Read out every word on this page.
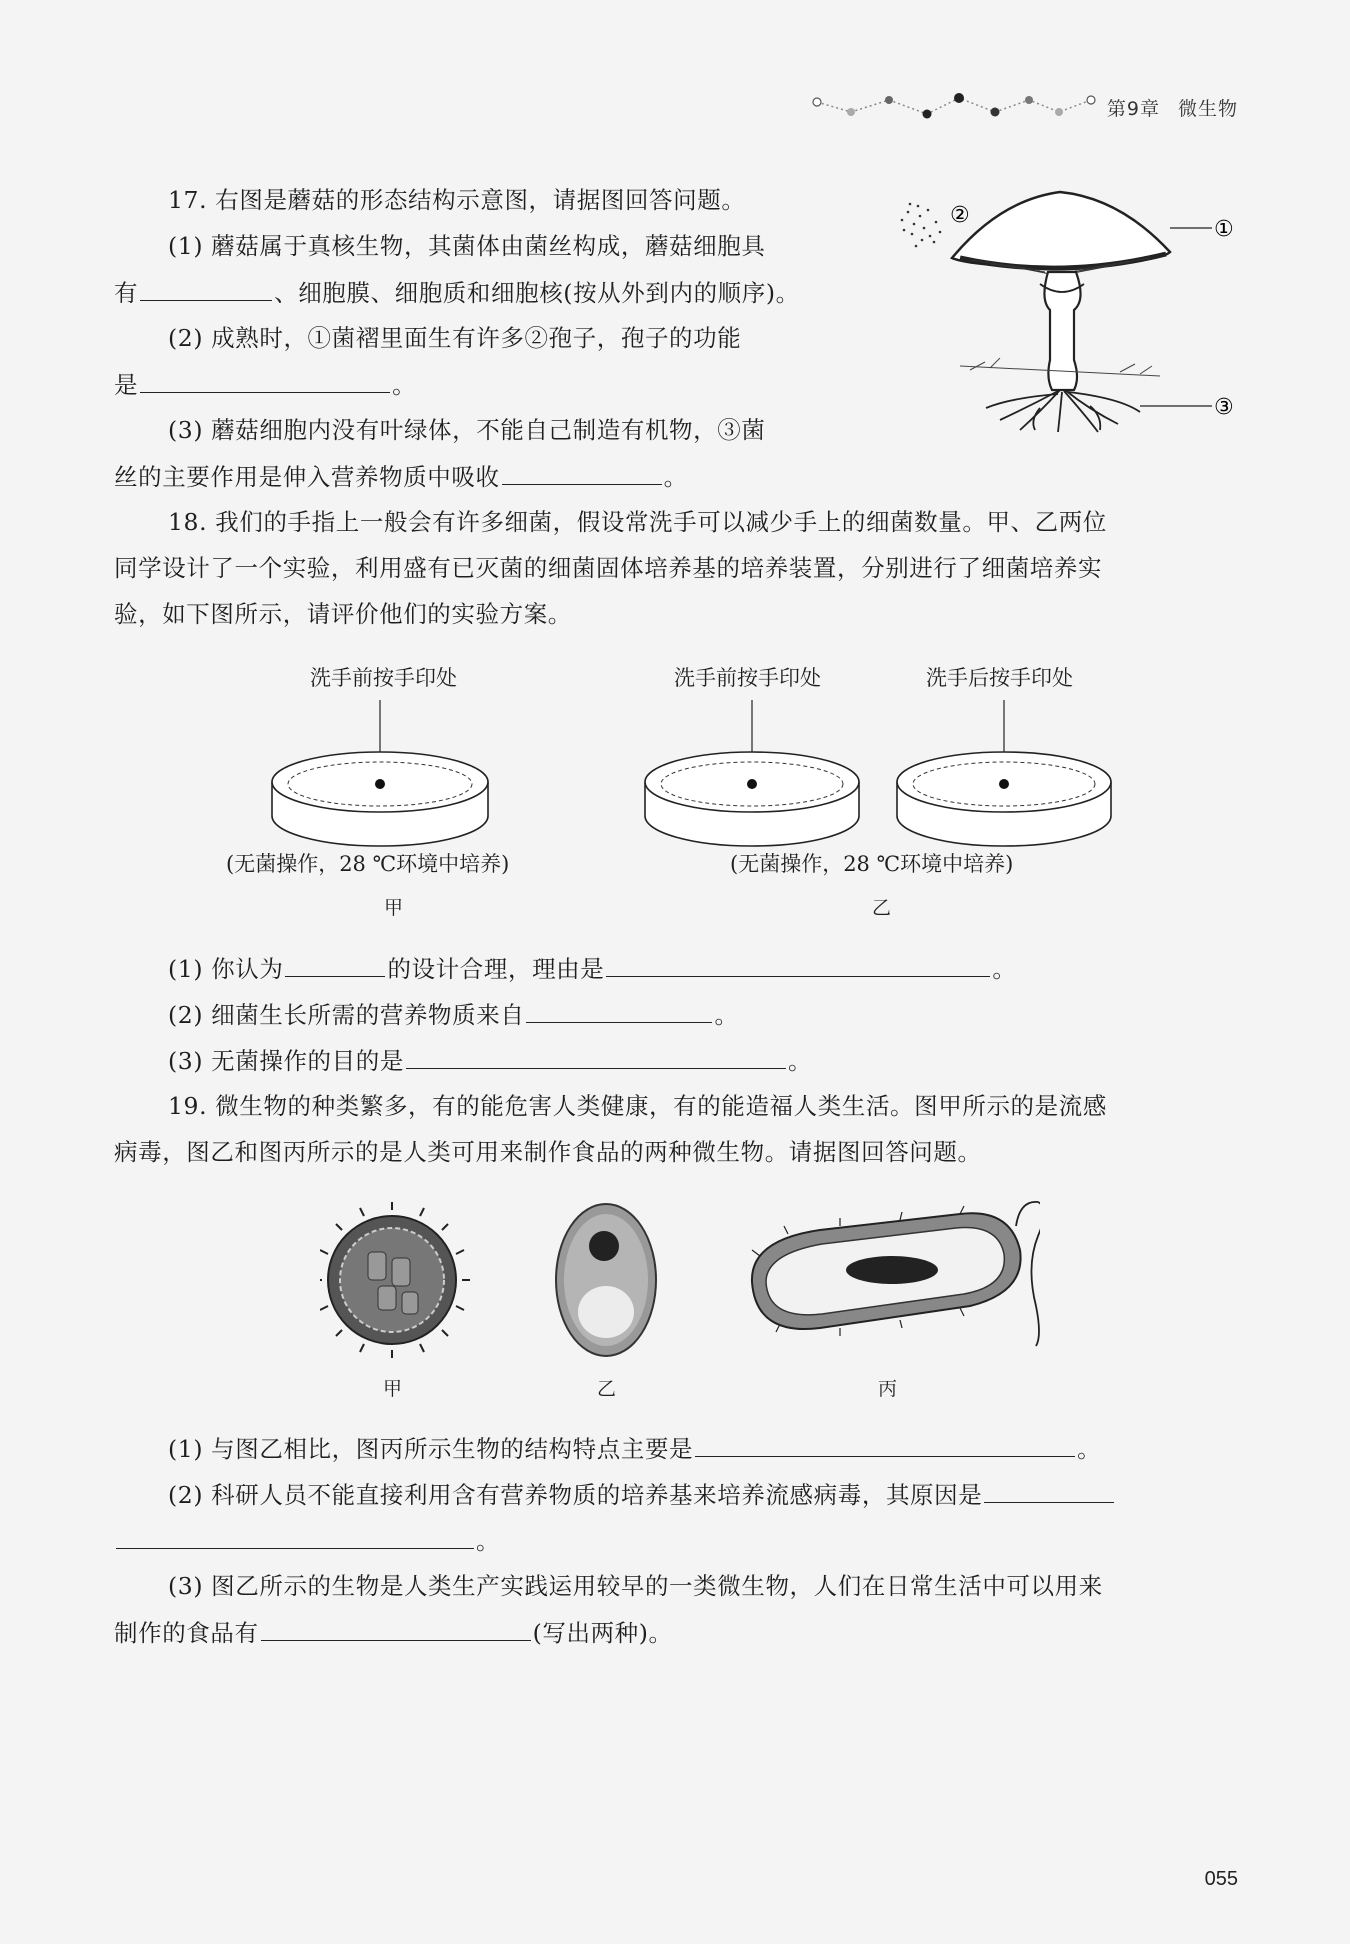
第9章 微生物
17. 右图是蘑菇的形态结构示意图，请据图回答问题。
(1) 蘑菇属于真核生物，其菌体由菌丝构成，蘑菇细胞具
有	、细胞膜、细胞质和细胞核(按从外到内的顺序)。
(2) 成熟时，①菌褶里面生有许多②孢子，孢子的功能
是	。
(3) 蘑菇细胞内没有叶绿体，不能自己制造有机物，③菌
丝的主要作用是伸入营养物质中吸收	。
②
①
③
18. 我们的手指上一般会有许多细菌，假设常洗手可以减少手上的细菌数量。甲、乙两位
同学设计了一个实验，利用盛有已灭菌的细菌固体培养基的培养装置，分别进行了细菌培养实
验，如下图所示，请评价他们的实验方案。
洗手前按手印处	洗手前按手印处	洗手后按手印处
(无菌操作，28 ℃环境中培养)	(无菌操作，28 ℃环境中培养)
甲	乙
(1) 你认为	的设计合理，理由是	。
(2) 细菌生长所需的营养物质来自	。
(3) 无菌操作的目的是	。
19. 微生物的种类繁多，有的能危害人类健康，有的能造福人类生活。图甲所示的是流感
病毒，图乙和图丙所示的是人类可用来制作食品的两种微生物。请据图回答问题。
甲	乙	丙
(1) 与图乙相比，图丙所示生物的结构特点主要是	。
(2) 科研人员不能直接利用含有营养物质的培养基来培养流感病毒，其原因是
。
(3) 图乙所示的生物是人类生产实践运用较早的一类微生物，人们在日常生活中可以用来
制作的食品有	(写出两种)。
055
